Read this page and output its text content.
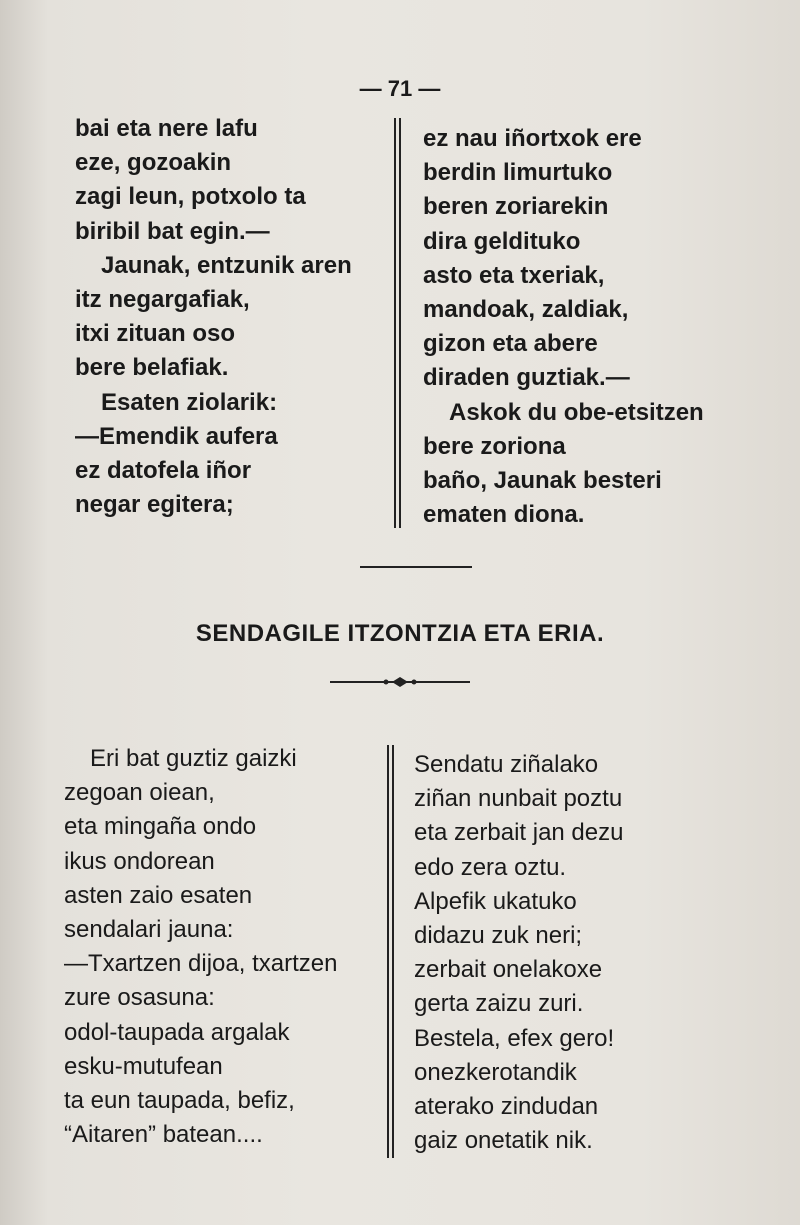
— 71 —
bai eta nere lafu
eze, gozoakin
zagi leun, potxolo ta
biribil bat egin.—
Jaunak, entzunik aren
itz negargafiak,
itxi zituan oso
bere belafiak.
Esaten ziolarik:
—Emendik aufera
ez datofela iñor
negar egitera;
ez nau iñortxok ere
berdin limurtuko
beren zoriarekin
dira geldituko
asto eta txeriak,
mandoak, zaldiak,
gizon eta abere
diraden guztiak.—
Askok du obe-etsitzen
bere zoriona
baño, Jaunak besteri
ematen diona.
SENDAGILE ITZONTZIA ETA ERIA.
Eri bat guztiz gaizki
zegoan oiean,
eta mingaña ondo
ikus ondorean
asten zaio esaten
sendalari jauna:
—Txartzen dijoa, txartzen
zure osasuna:
odol-taupada argalak
esku-mutufean
ta eun taupada, befiz,
“Aitaren” batean....
Sendatu ziñalako
ziñan nunbait poztu
eta zerbait jan dezu
edo zera oztu.
Alpefik ukatuko
didazu zuk neri;
zerbait onelakoxe
gerta zaizu zuri.
Bestela, efex gero!
onezkerotandik
aterako zindudan
gaiz onetatik nik.
